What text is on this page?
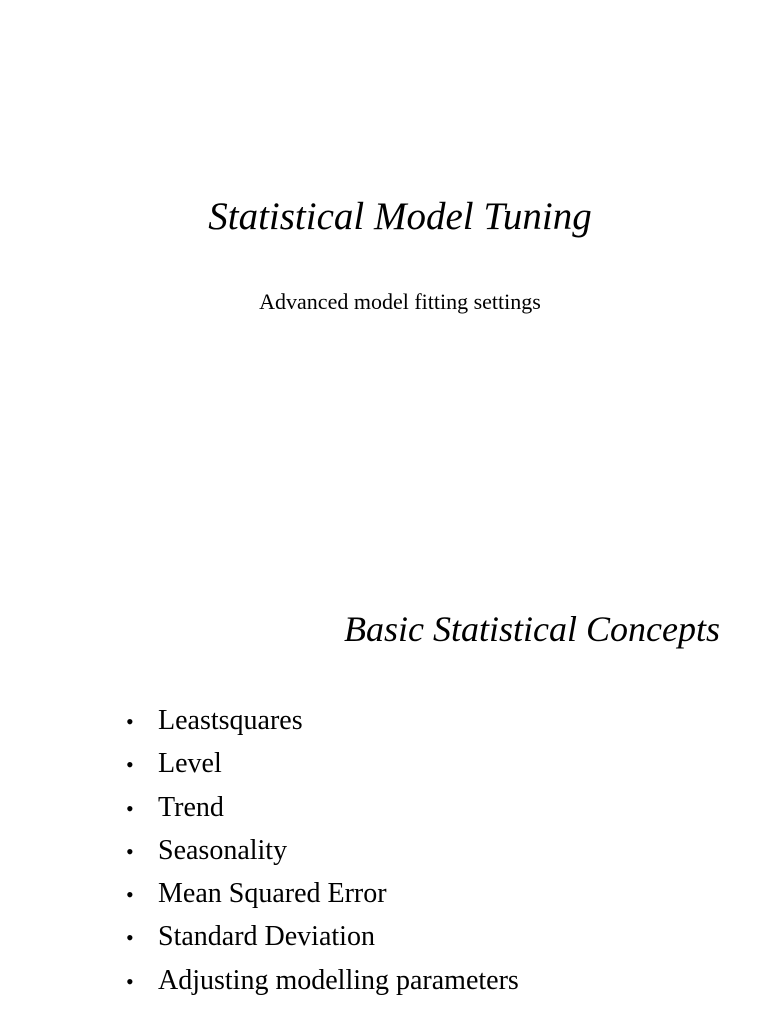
Statistical Model Tuning

Advanced model fitting settings

Basic Statistical Concepts
• Leastsquares
• Level
• Trend
• Seasonality
• Mean Squared Error
• Standard Deviation
• Adjusting modelling parameters
